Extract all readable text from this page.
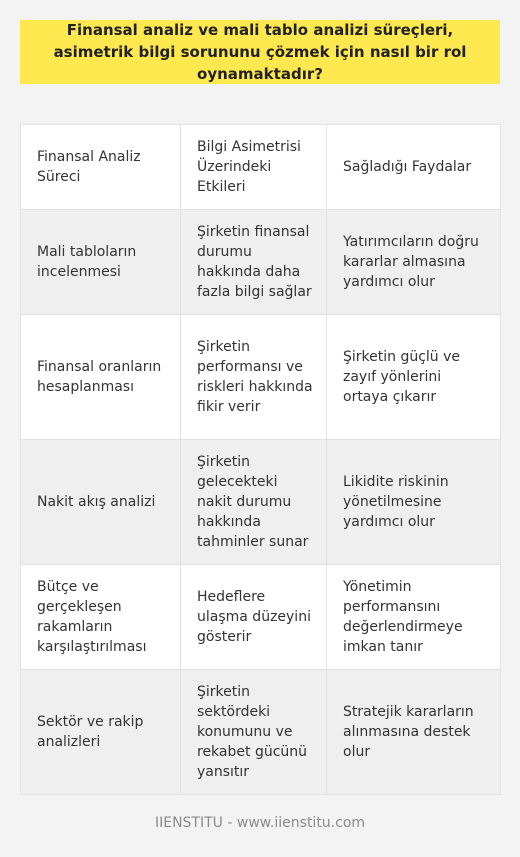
Finansal analiz ve mali tablo analizi süreçleri, asimetrik bilgi sorununu çözmek için nasıl bir rol oynamaktadır?
Finansal Analiz Süreci	Bilgi Asimetrisi Üzerindeki Etkileri	Sağladığı Faydalar
Mali tabloların incelenmesi	Şirketin finansal durumu hakkında daha fazla bilgi sağlar	Yatırımcıların doğru kararlar almasına yardımcı olur
Finansal oranların hesaplanması	Şirketin performansı ve riskleri hakkında fikir verir	Şirketin güçlü ve zayıf yönlerini ortaya çıkarır
Nakit akış analizi	Şirketin gelecekteki nakit durumu hakkında tahminler sunar	Likidite riskinin yönetilmesine yardımcı olur
Bütçe ve gerçekleşen rakamların karşılaştırılması	Hedeflere ulaşma düzeyini gösterir	Yönetimin performansını değerlendirmeye imkan tanır
Sektör ve rakip analizleri	Şirketin sektördeki konumunu ve rekabet gücünü yansıtır	Stratejik kararların alınmasına destek olur
IIENSTITU - www.iienstitu.com
